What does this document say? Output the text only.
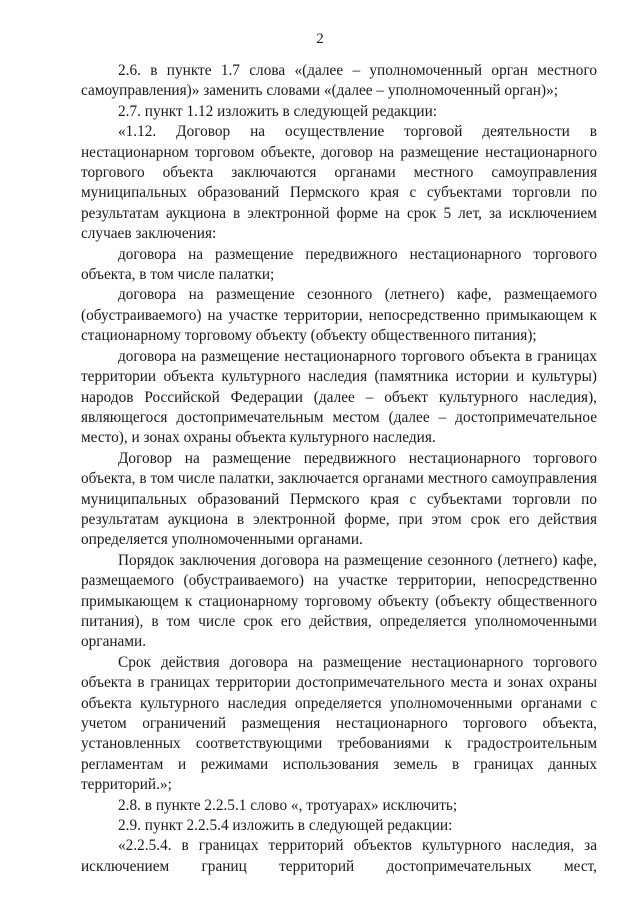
2

2.6. в пункте 1.7 слова «(далее – уполномоченный орган местного самоуправления)» заменить словами «(далее – уполномоченный орган)»;

2.7. пункт 1.12 изложить в следующей редакции:

«1.12. Договор на осуществление торговой деятельности в нестационарном торговом объекте, договор на размещение нестационарного торгового объекта заключаются органами местного самоуправления муниципальных образований Пермского края с субъектами торговли по результатам аукциона в электронной форме на срок 5 лет, за исключением случаев заключения:

договора на размещение передвижного нестационарного торгового объекта, в том числе палатки;

договора на размещение сезонного (летнего) кафе, размещаемого (обустраиваемого) на участке территории, непосредственно примыкающем к стационарному торговому объекту (объекту общественного питания);

договора на размещение нестационарного торгового объекта в границах территории объекта культурного наследия (памятника истории и культуры) народов Российской Федерации (далее – объект культурного наследия), являющегося достопримечательным местом (далее – достопримечательное место), и зонах охраны объекта культурного наследия.

Договор на размещение передвижного нестационарного торгового объекта, в том числе палатки, заключается органами местного самоуправления муниципальных образований Пермского края с субъектами торговли по результатам аукциона в электронной форме, при этом срок его действия определяется уполномоченными органами.

Порядок заключения договора на размещение сезонного (летнего) кафе, размещаемого (обустраиваемого) на участке территории, непосредственно примыкающем к стационарному торговому объекту (объекту общественного питания), в том числе срок его действия, определяется уполномоченными органами.

Срок действия договора на размещение нестационарного торгового объекта в границах территории достопримечательного места и зонах охраны объекта культурного наследия определяется уполномоченными органами с учетом ограничений размещения нестационарного торгового объекта, установленных соответствующими требованиями к градостроительным регламентам и режимами использования земель в границах данных территорий.»;

2.8. в пункте 2.2.5.1 слово «, тротуарах» исключить;

2.9. пункт 2.2.5.4 изложить в следующей редакции:

«2.2.5.4. в границах территорий объектов культурного наследия, за исключением границ территорий достопримечательных мест,
